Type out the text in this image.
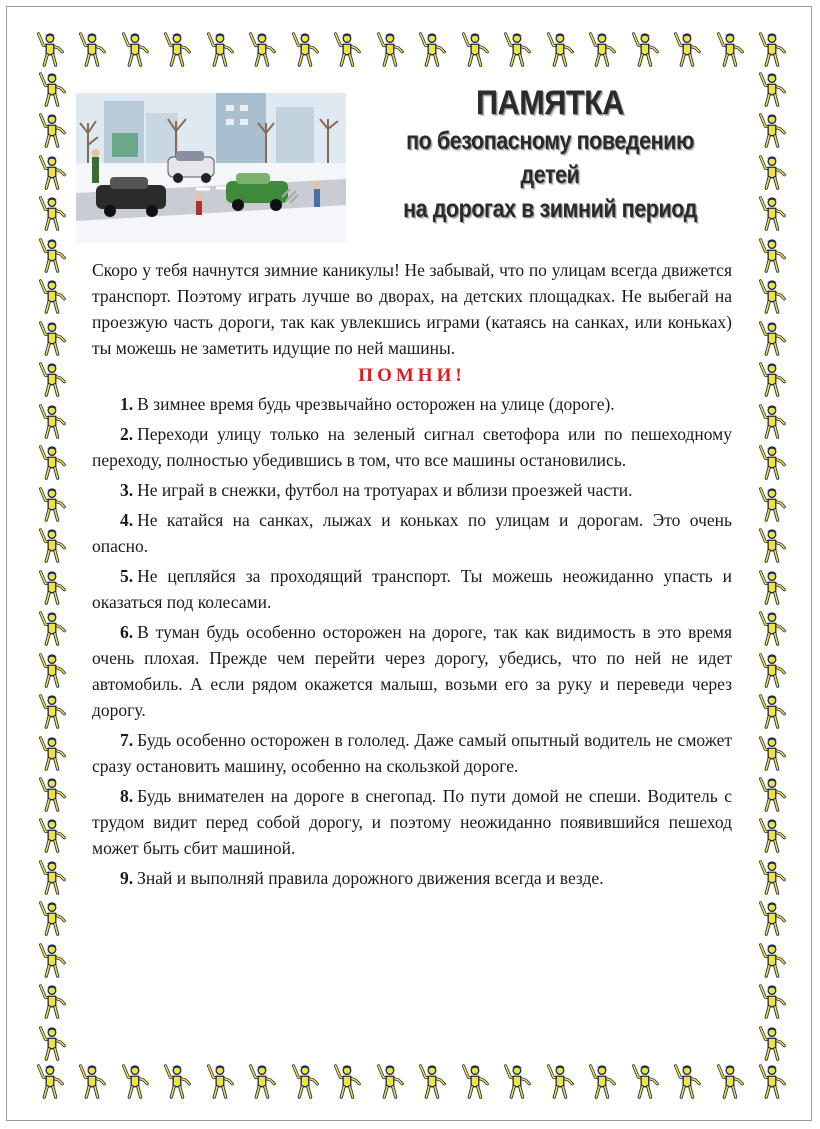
ПАМЯТКА
по безопасному поведению детей
на дорогах в зимний период

Скоро у тебя начнутся зимние каникулы! Не забывай, что по улицам всегда движется транспорт. Поэтому играть лучше во дворах, на детских площадках. Не выбегай на проезжую часть дороги, так как увлекшись играми (катаясь на санках, или коньках) ты можешь не заметить идущие по ней машины.

ПОМНИ!
1. В зимнее время будь чрезвычайно осторожен на улице (дороге).
2. Переходи улицу только на зеленый сигнал светофора или по пешеходному переходу, полностью убедившись в том, что все машины остановились.
3. Не играй в снежки, футбол на тротуарах и вблизи проезжей части.
4. Не катайся на санках, лыжах и коньках по улицам и дорогам. Это очень опасно.
5. Не цепляйся за проходящий транспорт. Ты можешь неожиданно упасть и оказаться под колесами.
6. В туман будь особенно осторожен на дороге, так как видимость в это время очень плохая. Прежде чем перейти через дорогу, убедись, что по ней не идет автомобиль. А если рядом окажется малыш, возьми его за руку и переведи через дорогу.
7. Будь особенно осторожен в гололед. Даже самый опытный водитель не сможет сразу остановить машину, особенно на скользкой дороге.
8. Будь внимателен на дороге в снегопад. По пути домой не спеши. Водитель с трудом видит перед собой дорогу, и поэтому неожиданно появившийся пешеход может быть сбит машиной.
9. Знай и выполняй правила дорожного движения всегда и везде.
